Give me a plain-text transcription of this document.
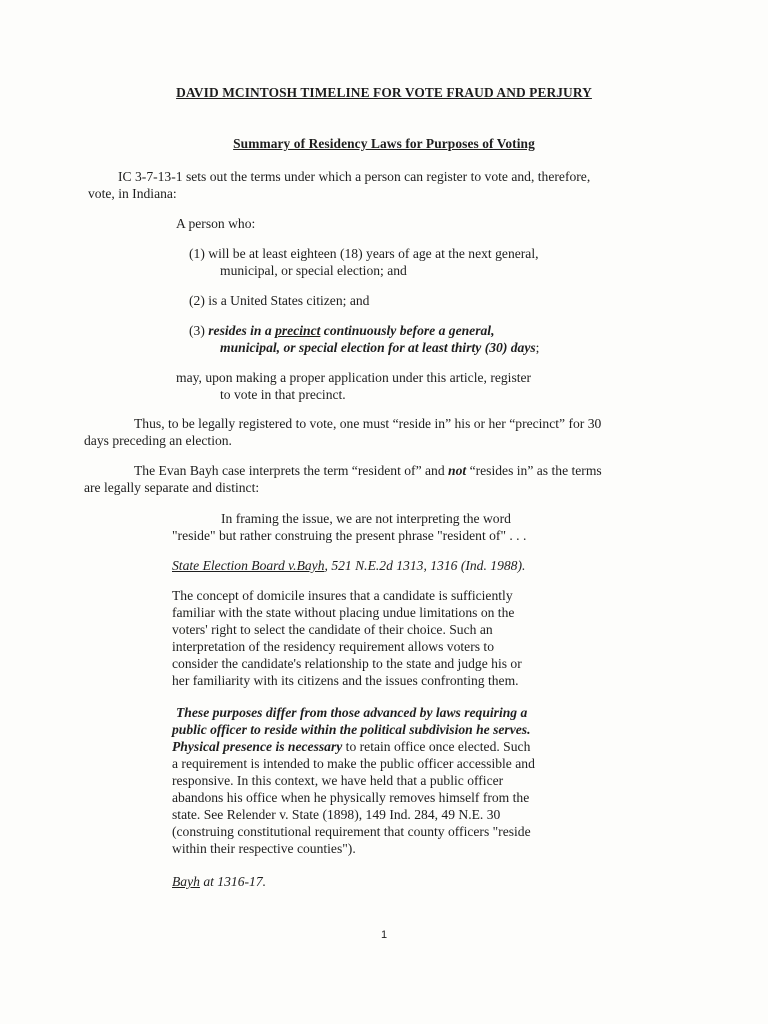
DAVID MCINTOSH TIMELINE FOR VOTE FRAUD AND PERJURY

Summary of Residency Laws for Purposes of Voting

IC 3-7-13-1 sets out the terms under which a person can register to vote and, therefore,

vote, in Indiana:

A person who:

(1) will be at least eighteen (18) years of age at the next general,

municipal, or special election; and

(2) is a United States citizen; and

(3) resides in a precinct continuously before a general,

municipal, or special election for at least thirty (30) days;

may, upon making a proper application under this article, register

to vote in that precinct.

Thus, to be legally registered to vote, one must “reside in” his or her “precinct” for 30

days preceding an election.

The Evan Bayh case interprets the term “resident of” and not “resides in” as the terms

are legally separate and distinct:

In framing the issue, we are not interpreting the word

"reside" but rather construing the present phrase "resident of" . . .

State Election Board v.Bayh, 521 N.E.2d 1313, 1316 (Ind. 1988).

The concept of domicile insures that a candidate is sufficiently
familiar with the state without placing undue limitations on the
voters' right to select the candidate of their choice. Such an
interpretation of the residency requirement allows voters to
consider the candidate's relationship to the state and judge his or
her familiarity with its citizens and the issues confronting them.
These purposes differ from those advanced by laws requiring a
public officer to reside within the political subdivision he serves.
Physical presence is necessary to retain office once elected. Such
a requirement is intended to make the public officer accessible and
responsive. In this context, we have held that a public officer
abandons his office when he physically removes himself from the
state. See Relender v. State (1898), 149 Ind. 284, 49 N.E. 30
(construing constitutional requirement that county officers "reside
within their respective counties").

Bayh at 1316-17.

1
